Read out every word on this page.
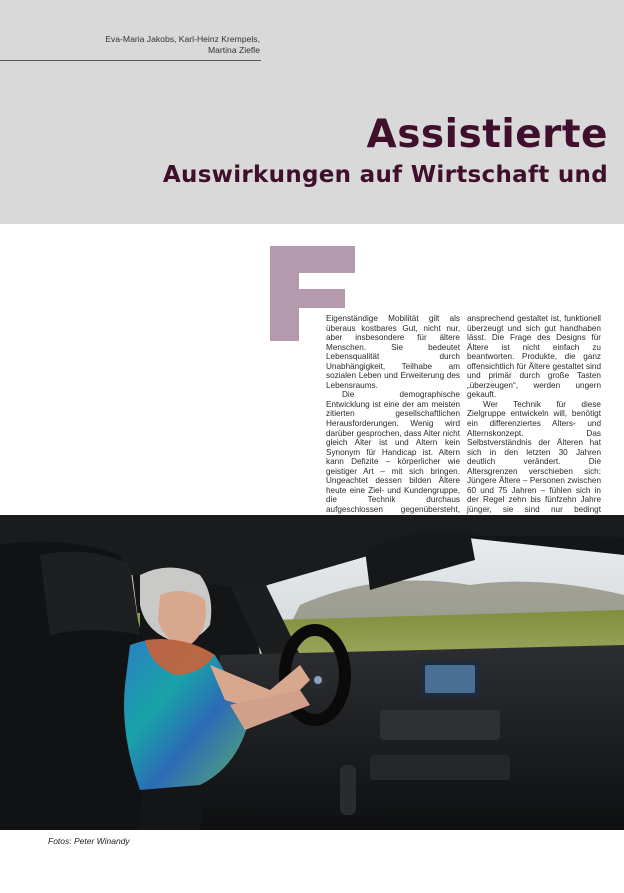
Eva-Maria Jakobs, Karl-Heinz Krempels,
Martina Ziefle
Assistierte
Auswirkungen auf Wirtschaft und

Eigenständige Mobilität gilt als überaus kostbares Gut, nicht nur, aber insbesondere für ältere Menschen. Sie bedeutet Lebensqualität durch Unabhängigkeit, Teilhabe am sozialen Leben und Erweiterung des Lebensraums.

Die demographische Entwicklung ist eine der am meisten zitierten gesellschaftlichen Herausforderungen. Wenig wird darüber gesprochen, dass Alter nicht gleich Alter ist und Altern kein Synonym für Handicap ist. Altern kann Defizite – körperlicher wie geistiger Art – mit sich bringen. Ungeachtet dessen bilden Ältere heute eine Ziel- und Kundengruppe, die Technik durchaus aufgeschlossen gegenübersteht,

ansprechend gestaltet ist, funktionell überzeugt und sich gut handhaben lässt. Die Frage des Designs für Ältere ist nicht einfach zu beantworten. Produkte, die ganz offensichtlich für Ältere gestaltet sind und primär durch große Tasten „überzeugen“, werden ungern gekauft.

Wer Technik für diese Zielgruppe entwickeln will, benötigt ein differenziertes Alters- und Alternskonzept. Das Selbstverständnis der Älteren hat sich in den letzten 30 Jahren deutlich verändert. Die Altersgrenzen verschieben sich: Jüngere Ältere – Personen zwischen 60 und 75 Jahren – fühlen sich in der Regel zehn bis fünfzehn Jahre jünger, sie sind nur bedingt

Fotos: Peter Winandy
